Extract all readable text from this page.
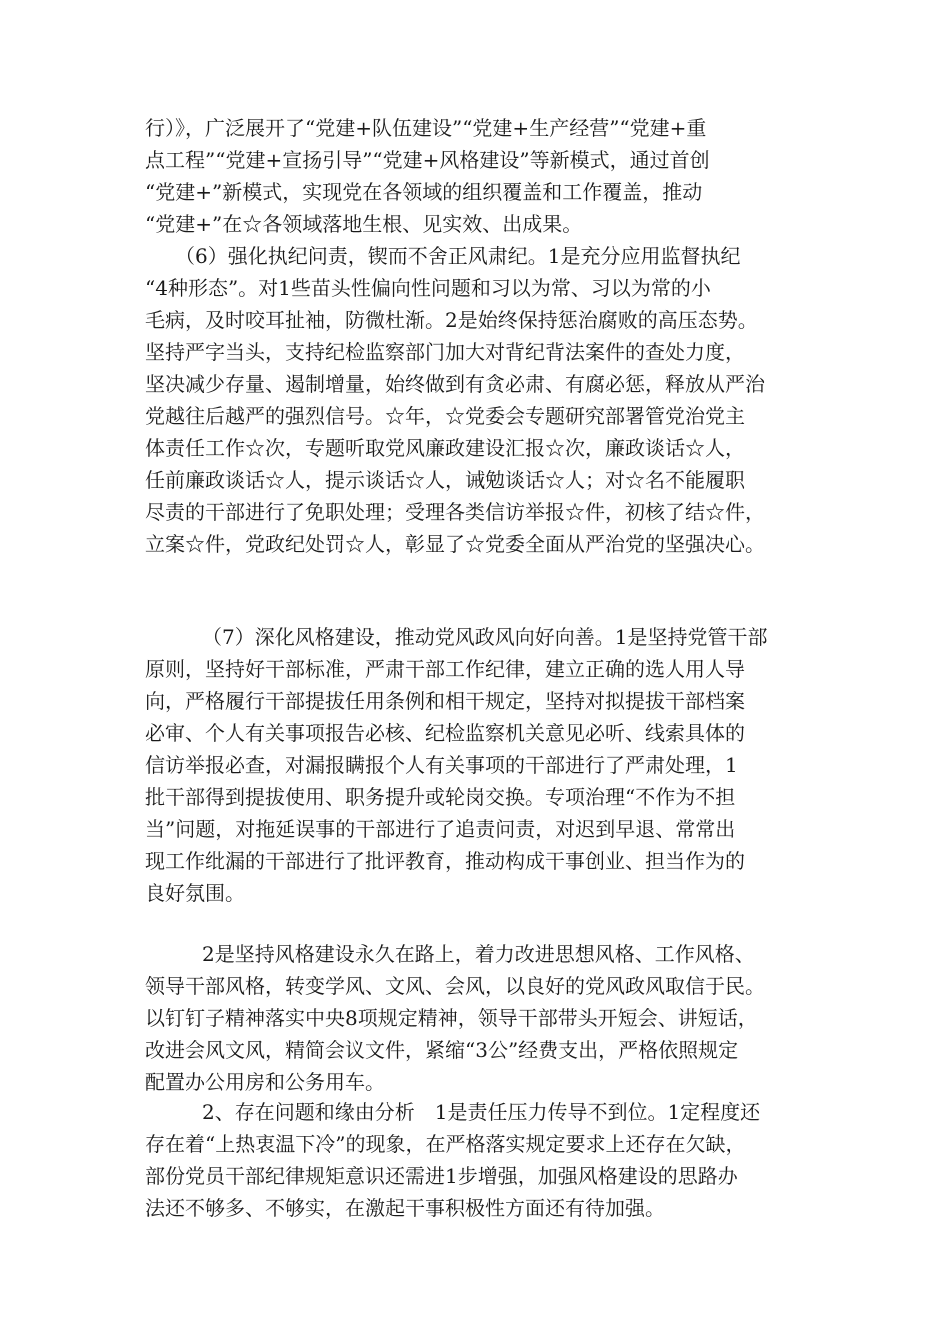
行）》，广泛展开了“党建+队伍建设”“党建+生产经营”“党建+重
点工程”“党建+宣扬引导”“党建+风格建设”等新模式，通过首创
“党建+”新模式，实现党在各领域的组织覆盖和工作覆盖，推动
“党建+”在☆各领域落地生根、见实效、出成果。
（6）强化执纪问责，锲而不舍正风肃纪。1是充分应用监督执纪
“4种形态”。对1些苗头性偏向性问题和习以为常、习以为常的小
毛病，及时咬耳扯袖，防微杜渐。2是始终保持惩治腐败的高压态势。
坚持严字当头，支持纪检监察部门加大对背纪背法案件的查处力度，
坚决减少存量、遏制增量，始终做到有贪必肃、有腐必惩，释放从严治
党越往后越严的强烈信号。☆年，☆党委会专题研究部署管党治党主
体责任工作☆次，专题听取党风廉政建设汇报☆次，廉政谈话☆人，
任前廉政谈话☆人，提示谈话☆人，诫勉谈话☆人；对☆名不能履职
尽责的干部进行了免职处理；受理各类信访举报☆件，初核了结☆件，
立案☆件，党政纪处罚☆人，彰显了☆党委全面从严治党的坚强决心。
（7）深化风格建设，推动党风政风向好向善。1是坚持党管干部
原则，坚持好干部标准，严肃干部工作纪律，建立正确的选人用人导
向，严格履行干部提拔任用条例和相干规定，坚持对拟提拔干部档案
必审、个人有关事项报告必核、纪检监察机关意见必听、线索具体的
信访举报必查，对漏报瞒报个人有关事项的干部进行了严肃处理，1
批干部得到提拔使用、职务提升或轮岗交换。专项治理“不作为不担
当”问题，对拖延误事的干部进行了追责问责，对迟到早退、常常出
现工作纰漏的干部进行了批评教育，推动构成干事创业、担当作为的
良好氛围。
2是坚持风格建设永久在路上，着力改进思想风格、工作风格、
领导干部风格，转变学风、文风、会风，以良好的党风政风取信于民。
以钉钉子精神落实中央8项规定精神，领导干部带头开短会、讲短话，
改进会风文风，精简会议文件，紧缩“3公”经费支出，严格依照规定
配置办公用房和公务用车。
2、存在问题和缘由分析　1是责任压力传导不到位。1定程度还
存在着“上热衷温下冷”的现象，在严格落实规定要求上还存在欠缺，
部份党员干部纪律规矩意识还需进1步增强，加强风格建设的思路办
法还不够多、不够实，在激起干事积极性方面还有待加强。
